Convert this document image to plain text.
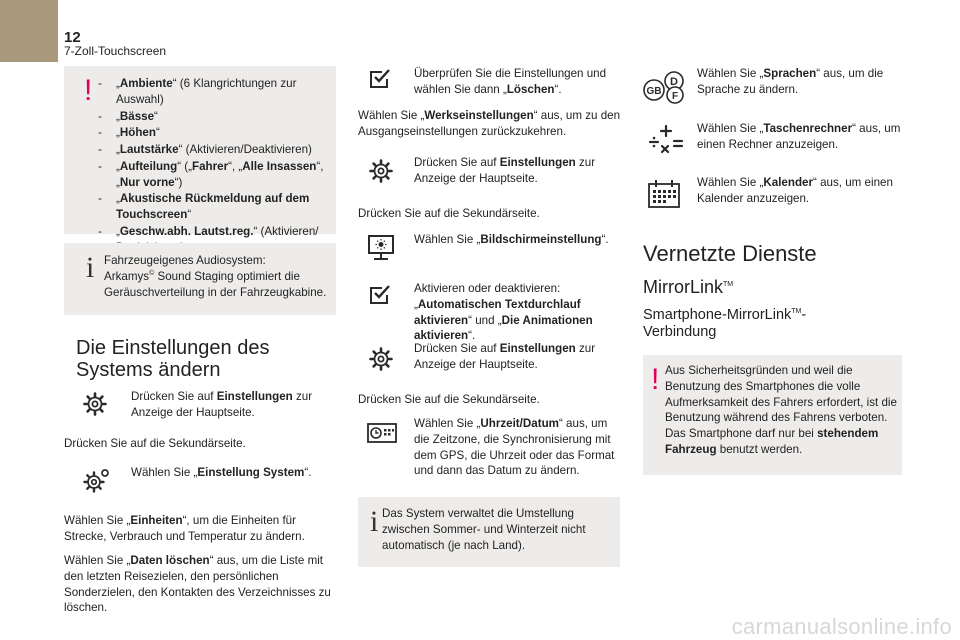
12
7-Zoll-Touchscreen
!
-	„Ambiente“ (6 Klangrichtungen zur Auswahl)
- „Bässe“
- „Höhen“
- „Lautstärke“ (Aktivieren/Deaktivieren)
- „Aufteilung“ („Fahrer“, „Alle Insassen“, „Nur vorne“)
- „Akustische Rückmeldung auf dem Touchscreen“
- „Geschw.abh. Lautst.reg.“ (Aktivieren/
i Fahrzeugeigenes Audiosystem:
Arkamys© Sound Staging optimiert die
Geräuschverteilung in der Fahrzeugkabine.
Die Einstellungen des
Systems ändern
Drücken Sie auf Einstellungen zur Anzeige der Hauptseite.
Drücken Sie auf die Sekundärseite.
Wählen Sie „Einstellung System“.
Wählen Sie „Einheiten“, um die Einheiten für Strecke, Verbrauch und Temperatur zu ändern.
Wählen Sie „Daten löschen“ aus, um die Liste mit den letzten Reisezielen, den persönlichen Sonderzielen, den Kontakten des Verzeichnisses zu löschen.
Überprüfen Sie die Einstellungen und wählen Sie dann „Löschen“.
Wählen Sie „Werkseinstellungen“ aus, um zu den Ausgangseinstellungen zurückzukehren.
Drücken Sie auf Einstellungen zur Anzeige der Hauptseite.
Drücken Sie auf die Sekundärseite.
Wählen Sie „Bildschirmeinstellung“.
Aktivieren oder deaktivieren: „Automatischen Textdurchlauf aktivieren“ und „Die Animationen aktivieren“.
Drücken Sie auf Einstellungen zur Anzeige der Hauptseite.
Drücken Sie auf die Sekundärseite.
Wählen Sie „Uhrzeit/Datum“ aus, um die Zeitzone, die Synchronisierung mit dem GPS, die Uhrzeit oder das Format und dann das Datum zu ändern.
i Das System verwaltet die Umstellung zwischen Sommer- und Winterzeit nicht automatisch (je nach Land).
D
GB F
Wählen Sie „Sprachen“ aus, um die Sprache zu ändern.
Wählen Sie „Taschenrechner“ aus, um einen Rechner anzuzeigen.
Wählen Sie „Kalender“ aus, um einen Kalender anzuzeigen.
Vernetzte Dienste
MirrorLink™
Smartphone-MirrorLink™-
Verbindung
! Aus Sicherheitsgründen und weil die Benutzung des Smartphones die volle Aufmerksamkeit des Fahrers erfordert, ist die Benutzung während des Fahrens verboten. Das Smartphone darf nur bei stehendem Fahrzeug benutzt werden.
carmanualsonline.info
